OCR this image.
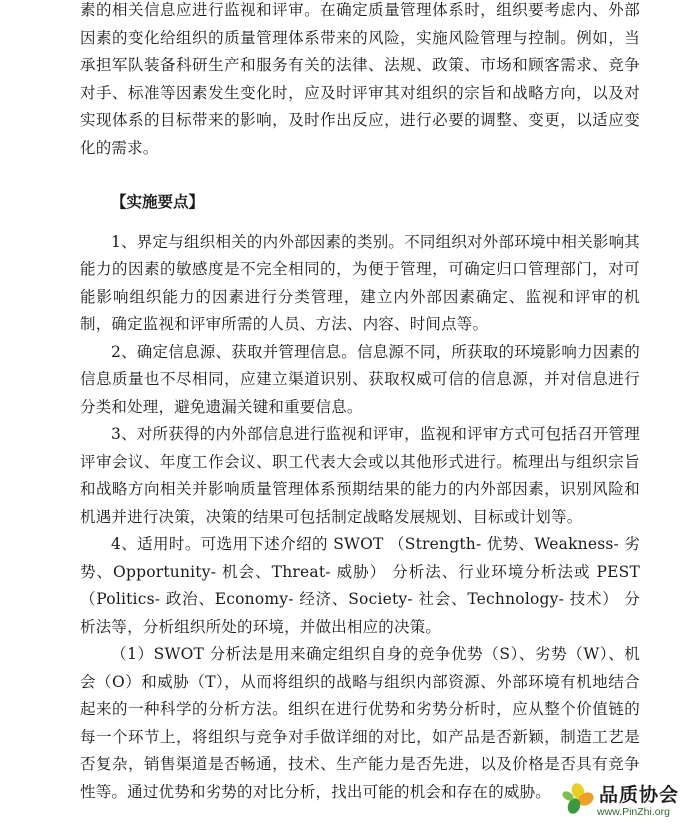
素的相关信息应进行监视和评审。在确定质量管理体系时，组织要考虑内、外部因素的变化给组织的质量管理体系带来的风险，实施风险管理与控制。例如，当承担军队装备科研生产和服务有关的法律、法规、政策、市场和顾客需求、竞争对手、标准等因素发生变化时，应及时评审其对组织的宗旨和战略方向，以及对实现体系的目标带来的影响，及时作出反应，进行必要的调整、变更，以适应变化的需求。

【实施要点】

1、界定与组织相关的内外部因素的类别。不同组织对外部环境中相关影响其能力的因素的敏感度是不完全相同的，为便于管理，可确定归口管理部门，对可能影响组织能力的因素进行分类管理，建立内外部因素确定、监视和评审的机制，确定监视和评审所需的人员、方法、内容、时间点等。

2、确定信息源、获取并管理信息。信息源不同，所获取的环境影响力因素的信息质量也不尽相同，应建立渠道识别、获取权威可信的信息源，并对信息进行分类和处理，避免遗漏关键和重要信息。

3、对所获得的内外部信息进行监视和评审，监视和评审方式可包括召开管理评审会议、年度工作会议、职工代表大会或以其他形式进行。梳理出与组织宗旨和战略方向相关并影响质量管理体系预期结果的能力的内外部因素，识别风险和机遇并进行决策，决策的结果可包括制定战略发展规划、目标或计划等。

4、适用时。可选用下述介绍的 SWOT （Strength- 优势、Weakness- 劣势、Opportunity- 机会、Threat- 威胁） 分析法、行业环境分析法或 PEST （Politics- 政治、Economy- 经济、Society- 社会、Technology- 技术） 分析法等，分析组织所处的环境，并做出相应的决策。

（1）SWOT 分析法是用来确定组织自身的竞争优势（S）、劣势（W）、机会（O）和威胁（T），从而将组织的战略与组织内部资源、外部环境有机地结合起来的一种科学的分析方法。组织在进行优势和劣势分析时，应从整个价值链的每一个环节上，将组织与竞争对手做详细的对比，如产品是否新颖，制造工艺是否复杂，销售渠道是否畅通，技术、生产能力是否先进，以及价格是否具有竞争性等。通过优势和劣势的对比分析，找出可能的机会和存在的威胁。	品质协会
www.PinZhi.org
